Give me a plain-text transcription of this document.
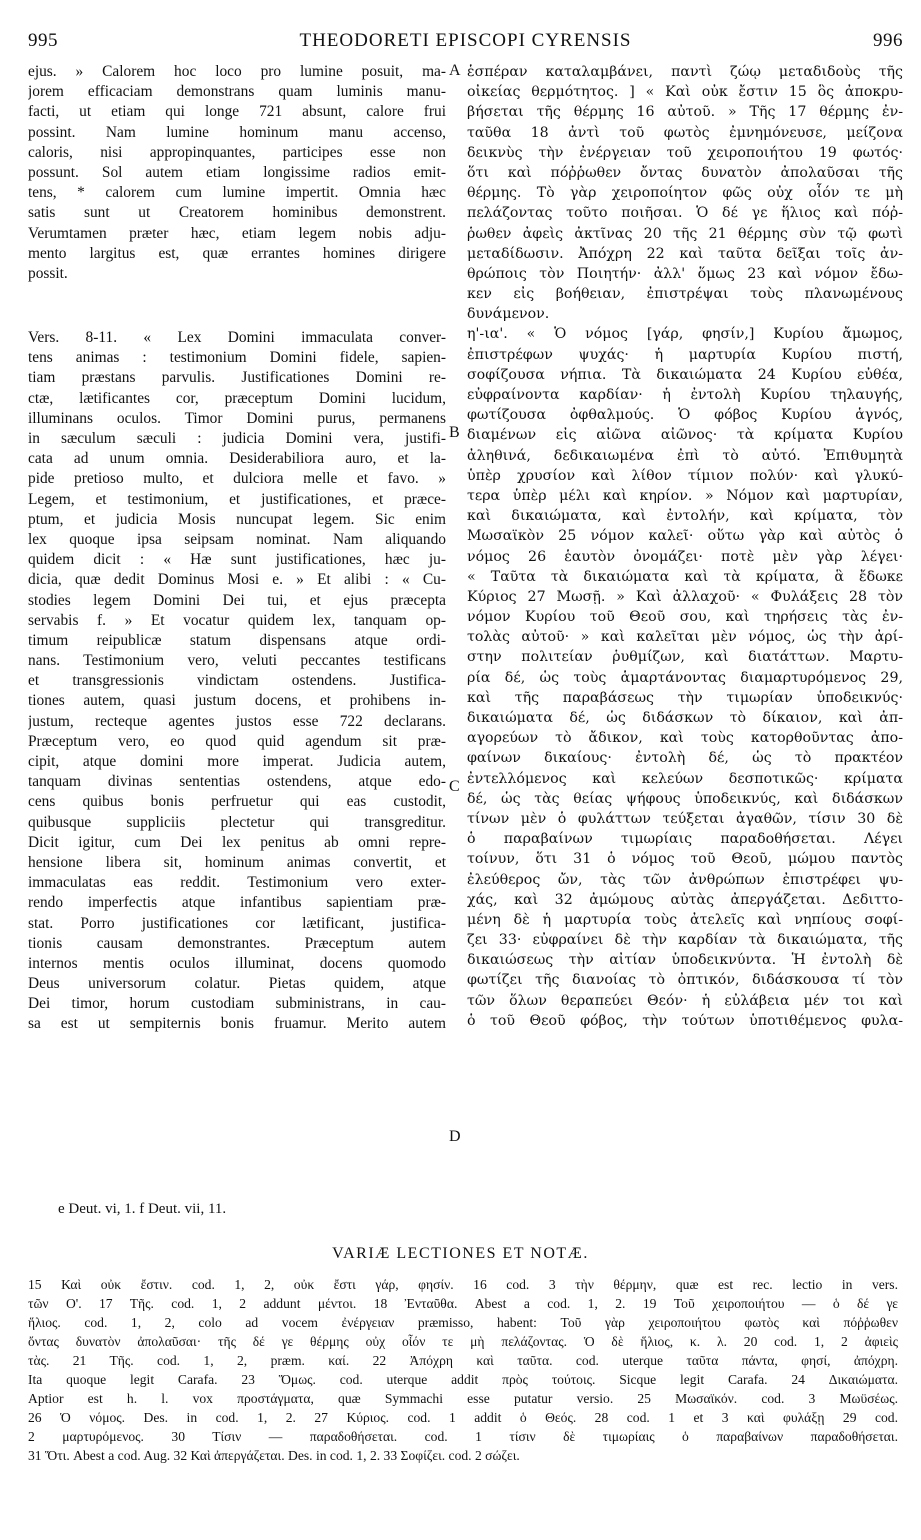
995	THEODORETI EPISCOPI CYRENSIS	996
ejus. » Calorem hoc loco pro lumine posuit, ma-
jorem efficaciam demonstrans quam luminis manu-
facti, ut etiam qui longe 721 absunt, calore frui
possint. Nam lumine hominum manu accenso,
caloris, nisi appropinquantes, participes esse non
possunt. Sol autem etiam longissime radios emit-
tens, * calorem cum lumine impertit. Omnia hæc
satis sunt ut Creatorem hominibus demonstrent.
Verumtamen præter hæc, etiam legem nobis adju-
mento largitus est, quæ errantes homines dirigere
possit.
Vers. 8-11. « Lex Domini immaculata conver-
tens animas : testimonium Domini fidele, sapien-
tiam præstans parvulis. Justificationes Domini re-
ctæ, lætificantes cor, præceptum Domini lucidum,
illuminans oculos. Timor Domini purus, permanens
in sæculum sæculi : judicia Domini vera, justifi-
cata ad unum omnia. Desiderabiliora auro, et la-
pide pretioso multo, et dulciora melle et favo. »
Legem, et testimonium, et justificationes, et præce-
ptum, et judicia Mosis nuncupat legem. Sic enim
lex quoque ipsa seipsam nominat. Nam aliquando
quidem dicit : « Hæ sunt justificationes, hæc ju-
dicia, quæ dedit Dominus Mosi e. » Et alibi : « Cu-
stodies legem Domini Dei tui, et ejus præcepta
servabis f. » Et vocatur quidem lex, tanquam op-
timum reipublicæ statum dispensans atque ordi-
nans. Testimonium vero, veluti peccantes testificans
et transgressionis vindictam ostendens. Justifica-
tiones autem, quasi justum docens, et prohibens in-
justum, recteque agentes justos esse 722 declarans.
Præceptum vero, eo quod quid agendum sit præ-
cipit, atque domini more imperat. Judicia autem,
tanquam divinas sententias ostendens, atque edo-
cens quibus bonis perfruetur qui eas custodit,
quibusque suppliciis plectetur qui transgreditur.
Dicit igitur, cum Dei lex penitus ab omni repre-
hensione libera sit, hominum animas convertit, et
immaculatas eas reddit. Testimonium vero exter-
rendo imperfectis atque infantibus sapientiam præ-
stat. Porro justificationes cor lætificant, justifica-
tionis causam demonstrantes. Præceptum autem
internos mentis oculos illuminat, docens quomodo
Deus universorum colatur. Pietas quidem, atque
Dei timor, horum custodiam subministrans, in cau-
sa est ut sempiternis bonis fruamur. Merito autem
A
B
C
D
ἑσπέραν καταλαμβάνει, παντὶ ζώῳ μεταδιδοὺς τῆς
οἰκείας θερμότητος. ] « Καὶ οὐκ ἔστιν 15 ὃς ἀποκρυ-
βήσεται τῆς θέρμης 16 αὐτοῦ. » Τῆς 17 θέρμης ἐν-
ταῦθα 18 ἀντὶ τοῦ φωτὸς ἐμνημόνευσε, μείζονα
δεικνὺς τὴν ἐνέργειαν τοῦ χειροποιήτου 19 φωτός·
ὅτι καὶ πόῤῥωθεν ὄντας δυνατὸν ἀπολαῦσαι τῆς
θέρμης. Τὸ γὰρ χειροποίητον φῶς οὐχ οἷόν τε μὴ
πελάζοντας τοῦτο ποιῆσαι. Ὁ δέ γε ἥλιος καὶ πόῤ-
ῥωθεν ἀφεὶς ἀκτῖνας 20 τῆς 21 θέρμης σὺν τῷ φωτὶ
μεταδίδωσιν. Ἀπόχρη 22 καὶ ταῦτα δεῖξαι τοῖς ἀν-
θρώποις τὸν Ποιητήν· ἀλλ' ὅμως 23 καὶ νόμον ἔδω-
κεν εἰς βοήθειαν, ἐπιστρέψαι τοὺς πλανωμένους
δυνάμενον.
η'-ια'. « Ὁ νόμος [γάρ, φησίν,] Κυρίου ἄμωμος,
ἐπιστρέφων ψυχάς· ἡ μαρτυρία Κυρίου πιστή,
σοφίζουσα νήπια. Τὰ δικαιώματα 24 Κυρίου εὐθέα,
εὐφραίνοντα καρδίαν· ἡ ἐντολὴ Κυρίου τηλαυγής,
φωτίζουσα ὀφθαλμούς. Ὁ φόβος Κυρίου ἁγνός,
διαμένων εἰς αἰῶνα αἰῶνος· τὰ κρίματα Κυρίου
ἀληθινά, δεδικαιωμένα ἐπὶ τὸ αὐτό. Ἐπιθυμητὰ
ὑπὲρ χρυσίον καὶ λίθον τίμιον πολύν· καὶ γλυκύ-
τερα ὑπὲρ μέλι καὶ κηρίον. » Νόμον καὶ μαρτυρίαν,
καὶ δικαιώματα, καὶ ἐντολήν, καὶ κρίματα, τὸν
Μωσαϊκὸν 25 νόμον καλεῖ· οὕτω γὰρ καὶ αὐτὸς ὁ
νόμος 26 ἑαυτὸν ὀνομάζει· ποτὲ μὲν γὰρ λέγει·
« Ταῦτα τὰ δικαιώματα καὶ τὰ κρίματα, ἃ ἔδωκε
Κύριος 27 Μωσῇ. » Καὶ ἀλλαχοῦ· « Φυλάξεις 28 τὸν
νόμον Κυρίου τοῦ Θεοῦ σου, καὶ τηρήσεις τὰς ἐν-
τολὰς αὐτοῦ· » καὶ καλεῖται μὲν νόμος, ὡς τὴν ἀρί-
στην πολιτείαν ῥυθμίζων, καὶ διατάττων. Μαρτυ-
ρία δέ, ὡς τοὺς ἁμαρτάνοντας διαμαρτυρόμενος 29,
καὶ τῆς παραβάσεως τὴν τιμωρίαν ὑποδεικνύς·
δικαιώματα δέ, ὡς διδάσκων τὸ δίκαιον, καὶ ἀπ-
αγορεύων τὸ ἄδικον, καὶ τοὺς κατορθοῦντας ἀπο-
φαίνων δικαίους· ἐντολὴ δέ, ὡς τὸ πρακτέον
ἐντελλόμενος καὶ κελεύων δεσποτικῶς· κρίματα
δέ, ὡς τὰς θείας ψήφους ὑποδεικνύς, καὶ διδάσκων
τίνων μὲν ὁ φυλάττων τεύξεται ἀγαθῶν, τίσιν 30 δὲ
ὁ παραβαίνων τιμωρίαις παραδοθήσεται. Λέγει
τοίνυν, ὅτι 31 ὁ νόμος τοῦ Θεοῦ, μώμου παντὸς
ἐλεύθερος ὤν, τὰς τῶν ἀνθρώπων ἐπιστρέφει ψυ-
χάς, καὶ 32 ἀμώμους αὐτὰς ἀπεργάζεται. Δεδιττο-
μένη δὲ ἡ μαρτυρία τοὺς ἀτελεῖς καὶ νηπίους σοφί-
ζει 33· εὐφραίνει δὲ τὴν καρδίαν τὰ δικαιώματα, τῆς
δικαιώσεως τὴν αἰτίαν ὑποδεικνύντα. Ἡ ἐντολὴ δὲ
φωτίζει τῆς διανοίας τὸ ὀπτικόν, διδάσκουσα τί τὸν
τῶν ὅλων θεραπεύει Θεόν· ἡ εὐλάβεια μέν τοι καὶ
ὁ τοῦ Θεοῦ φόβος, τὴν τούτων ὑποτιθέμενος φυλα-
e Deut. vi, 1. f Deut. vii, 11.
VARIÆ LECTIONES ET NOTÆ.
15 Καὶ οὐκ ἔστιν. cod. 1, 2, οὐκ ἔστι γάρ, φησίν. 16 cod. 3 τὴν θέρμην, quæ est rec. lectio in vers.
τῶν Ο'. 17 Τῆς. cod. 1, 2 addunt μέντοι. 18 Ἐνταῦθα. Abest a cod. 1, 2. 19 Τοῦ χειροποιήτου — ὁ δέ γε
ἥλιος. cod. 1, 2, colo ad vocem ἐνέργειαν præmisso, habent: Τοῦ γὰρ χειροποιήτου φωτὸς καὶ πόῤῥωθεν
ὄντας δυνατὸν ἀπολαῦσαι· τῆς δέ γε θέρμης οὐχ οἷόν τε μὴ πελάζοντας. Ὁ δὲ ἥλιος, κ. λ. 20 cod. 1, 2 ἀφιεὶς
τὰς. 21 Τῆς. cod. 1, 2, præm. καί. 22 Ἀπόχρη καὶ ταῦτα. cod. uterque ταῦτα πάντα, φησί, ἀπόχρη.
Ita quoque legit Carafa. 23 Ὅμως. cod. uterque addit πρὸς τούτοις. Sicque legit Carafa. 24 Δικαιώματα.
Aptior est h. l. vox προστάγματα, quæ Symmachi esse putatur versio. 25 Μωσαϊκόν. cod. 3 Μωϋσέως.
26 Ὁ νόμος. Des. in cod. 1, 2. 27 Κύριος. cod. 1 addit ὁ Θεός. 28 cod. 1 et 3 καὶ φυλάξῃ 29 cod.
2 μαρτυρόμενος. 30 Τίσιν — παραδοθήσεται. cod. 1 τίσιν δὲ τιμωρίαις ὁ παραβαίνων παραδοθήσεται.
31 Ὅτι. Abest a cod. Aug. 32 Καὶ ἀπεργάζεται. Des. in cod. 1, 2. 33 Σοφίζει. cod. 2 σώζει.
